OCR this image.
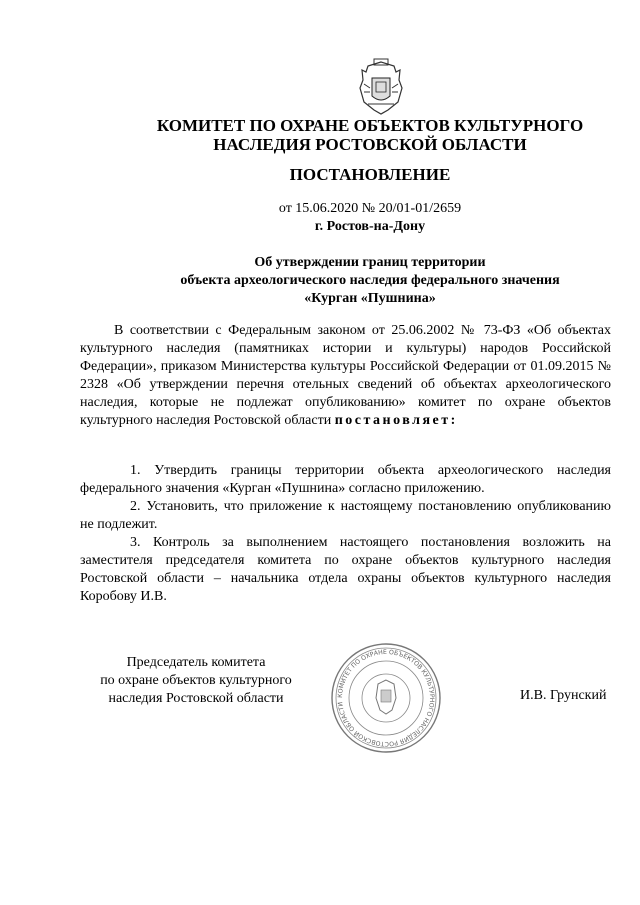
КОМИТЕТ ПО ОХРАНЕ ОБЪЕКТОВ КУЛЬТУРНОГО
НАСЛЕДИЯ РОСТОВСКОЙ ОБЛАСТИ
ПОСТАНОВЛЕНИЕ
от 15.06.2020 № 20/01-01/2659
г. Ростов-на-Дону
Об утверждении границ территории
объекта археологического наследия федерального значения
«Курган «Пушнина»
В соответствии с Федеральным законом от 25.06.2002 № 73-ФЗ «Об объектах культурного наследия (памятниках истории и культуры) народов Российской Федерации», приказом Министерства культуры Российской Федерации от 01.09.2015 № 2328 «Об утверждении перечня отельных сведений об объектах археологического наследия, которые не подлежат опубликованию» комитет по охране объектов культурного наследия Ростовской области постановляет:
1. Утвердить границы территории объекта археологического наследия федерального значения «Курган «Пушнина» согласно приложению.
2. Установить, что приложение к настоящему постановлению опубликованию не подлежит.
3. Контроль за выполнением настоящего постановления возложить на заместителя председателя комитета по охране объектов культурного наследия Ростовской области – начальника отдела охраны объектов культурного наследия Коробову И.В.
Председатель комитета
по охране объектов культурного
наследия Ростовской области	КОМИТЕТ ПО ОХРАНЕ ОБЪЕКТОВ КУЛЬТУРНОГО НАСЛЕДИЯ РОСТОВСКОЙ ОБЛАСТИ
И.В. Грунский
